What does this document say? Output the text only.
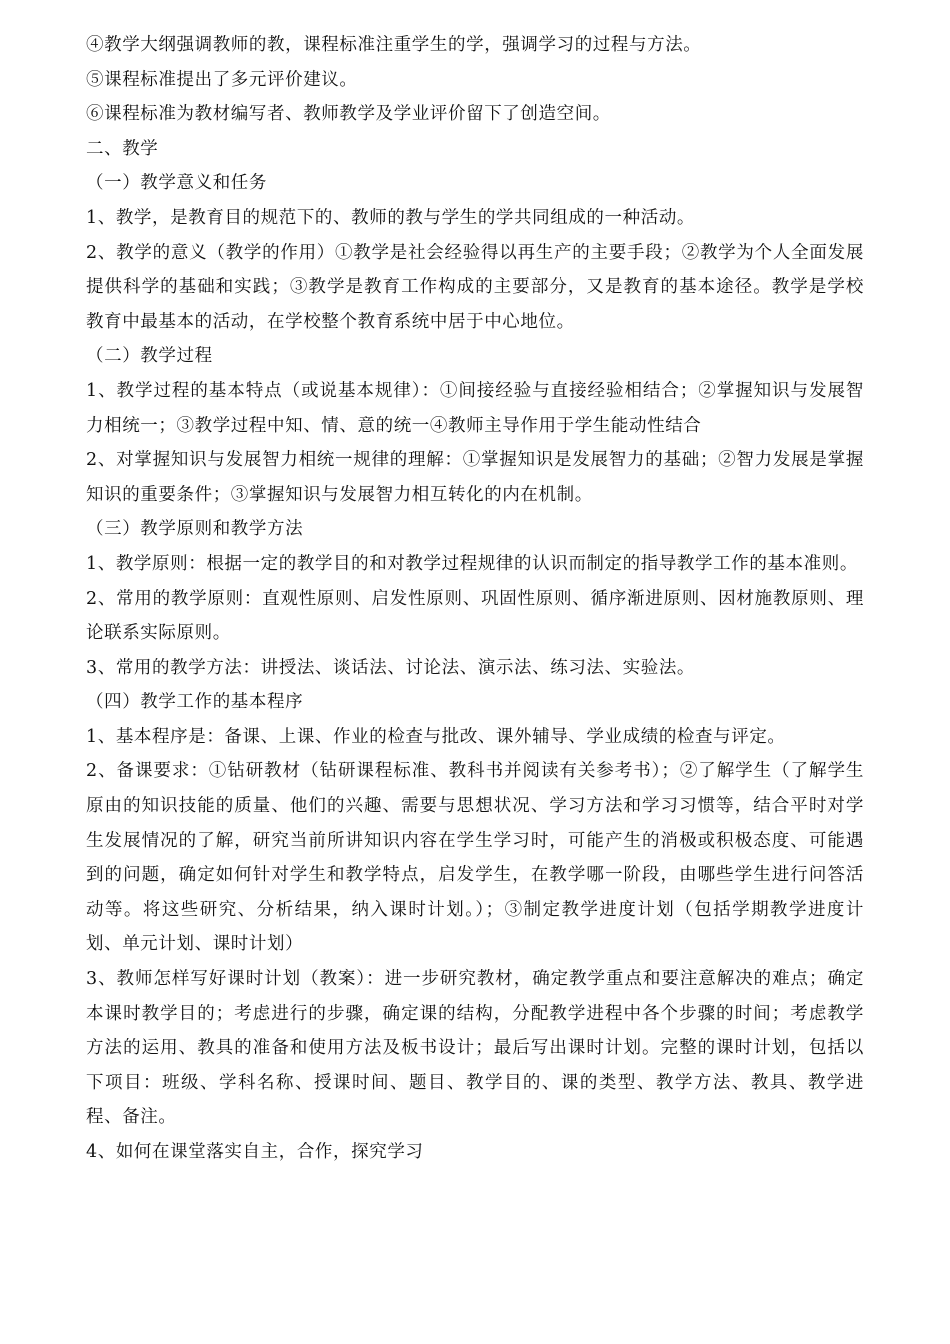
④教学大纲强调教师的教，课程标准注重学生的学，强调学习的过程与方法。

⑤课程标准提出了多元评价建议。

⑥课程标准为教材编写者、教师教学及学业评价留下了创造空间。

二、教学

（一）教学意义和任务

1、教学，是教育目的规范下的、教师的教与学生的学共同组成的一种活动。

2、教学的意义（教学的作用）①教学是社会经验得以再生产的主要手段；②教学为个人全面发展提供科学的基础和实践；③教学是教育工作构成的主要部分，又是教育的基本途径。教学是学校教育中最基本的活动，在学校整个教育系统中居于中心地位。

（二）教学过程

1、教学过程的基本特点（或说基本规律）：①间接经验与直接经验相结合；②掌握知识与发展智力相统一；③教学过程中知、情、意的统一④教师主导作用于学生能动性结合

2、对掌握知识与发展智力相统一规律的理解：①掌握知识是发展智力的基础；②智力发展是掌握知识的重要条件；③掌握知识与发展智力相互转化的内在机制。

（三）教学原则和教学方法

1、教学原则：根据一定的教学目的和对教学过程规律的认识而制定的指导教学工作的基本准则。

2、常用的教学原则：直观性原则、启发性原则、巩固性原则、循序渐进原则、因材施教原则、理论联系实际原则。

3、常用的教学方法：讲授法、谈话法、讨论法、演示法、练习法、实验法。

（四）教学工作的基本程序

1、基本程序是：备课、上课、作业的检查与批改、课外辅导、学业成绩的检查与评定。

2、备课要求：①钻研教材（钻研课程标准、教科书并阅读有关参考书）；②了解学生（了解学生原由的知识技能的质量、他们的兴趣、需要与思想状况、学习方法和学习习惯等，结合平时对学生发展情况的了解，研究当前所讲知识内容在学生学习时，可能产生的消极或积极态度、可能遇到的问题，确定如何针对学生和教学特点，启发学生，在教学哪一阶段，由哪些学生进行问答活动等。将这些研究、分析结果，纳入课时计划。）；③制定教学进度计划（包括学期教学进度计划、单元计划、课时计划）

3、教师怎样写好课时计划（教案）：进一步研究教材，确定教学重点和要注意解决的难点；确定本课时教学目的；考虑进行的步骤，确定课的结构，分配教学进程中各个步骤的时间；考虑教学方法的运用、教具的准备和使用方法及板书设计；最后写出课时计划。完整的课时计划，包括以下项目：班级、学科名称、授课时间、题目、教学目的、课的类型、教学方法、教具、教学进程、备注。

4、如何在课堂落实自主，合作，探究学习
